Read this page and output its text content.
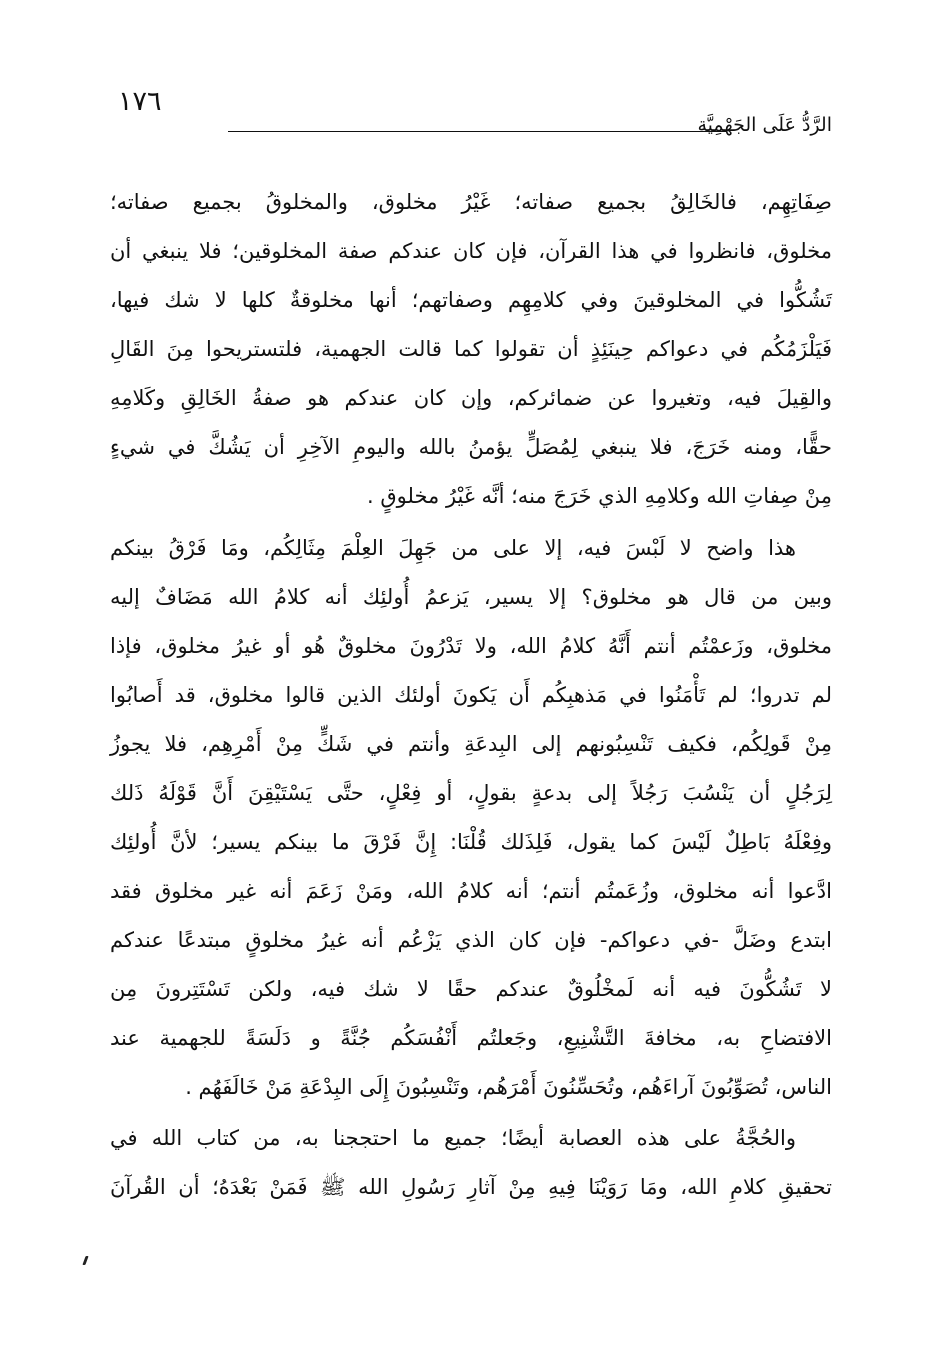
١٧٦
الرَّدُّ عَلَى الجَهْمِيَّة
صِفَاتِهِم، فالخَالِقُ بجميع صفاته؛ غَيْرُ مخلوق، والمخلوقُ بجميع صفاته؛
مخلوق، فانظروا في هذا القرآن، فإن كان عندكم صفة المخلوقين؛ فلا ينبغي أن
تَشُكُّوا في المخلوقينَ وفي كلامِهِم وصفاتهم؛ أنها مخلوقةٌ كلها لا شك فيها،
فَيَلْزَمُكُم في دعواكم حِينَئِذٍ أن تقولوا كما قالت الجهمية، فلتستريحوا مِنَ القَالِ
والقِيلَ فيه، وتغيروا عن ضمائركم، وإن كان عندكم هو صفةُ الخَالِقِ وكَلامِهِ
حقًّا، ومنه خَرَجَ، فلا ينبغي لِمُصَلٍّ يؤمنُ بالله واليومِ الآخِرِ أن يَشُكَّ في شيءٍ
مِنْ صِفاتِ الله وكلامِهِ الذي خَرَجَ منه؛ أنَّه غَيْرُ مخلوقٍ .
هذا واضح لا لَبْسَ فيه، إلا على من جَهِلَ العِلْمَ مِثَالِكُم، ومَا فَرْقُ بينكم
وبين من قال هو مخلوق؟ إلا يسير، يَزعمُ أُولئِك أنه كلامُ الله مَضَافٌ إليه
مخلوق، وزَعمْتُم أنتم أَنَّهُ كلامُ الله، ولا تَدْرُونَ مخلوقٌ هُو أو غيرُ مخلوق، فإذا
لم تدروا؛ لم تَأْمَنُوا في مَذهبِكُم أَن يَكونَ أولئك الذين قالوا مخلوق، قد أَصابُوا
مِنْ قَولِكُم، فكيف تَنْسِبُونهم إلى البِدعَةِ وأنتم في شَكٍّ مِنْ أَمْرِهِم، فلا يجوزُ
لِرَجُلٍ أن يَنْسُبَ رَجُلاً إلى بدعةٍ بقولٍ، أو فِعْلٍ، حتَّى يَسْتَيْقِنَ أَنَّ قَوْلَهُ ذَلك
وفِعْلَهُ بَاطِلٌ لَيْسَ كما يقول، فَلِذَلك قُلْنَا: إِنَّ فَرْقَ ما بينكم يسير؛ لأنَّ أُولئِك
ادَّعوا أنه مخلوق، وزُعَمتُم أنتم؛ أنه كلامُ الله، ومَنْ زَعَمَ أنه غير مخلوق فقد
ابتدع وضَلَّ -في دعواكم- فإن كان الذي يَزْعُم أنه غيرُ مخلوقٍ مبتدعًا عندكم
لا تَشُكُّونَ فيه أنه لَمخْلُوقٌ عندكم حقًا لا شك فيه، ولكن تَسْتَتِرونَ مِن
الافتضاحِ به، مخافةَ التَّشْنِيعِ، وجَعلتُم أَنْفُسَكُم جُنَّةً و دَلَسَةً للجهمية عند
الناس، تُصَوِّبُونَ آراءَهُم، وتُحَسِّنُونَ أَمْرَهُم، وتَنْسِبُونَ إِلَى البِدْعَةِ مَنْ خَالَفَهُم .
والحُجَّةُ على هذه العصابة أيضًا؛ جميع ما احتججنا به، من كتاب الله في
تحقيقِ كلامِ الله، ومَا رَوَيْنَا فِيهِ مِنْ آثارِ رَسُولِ الله ﷺ فَمَنْ بَعْدَهُ؛ أن القُرآنَ
